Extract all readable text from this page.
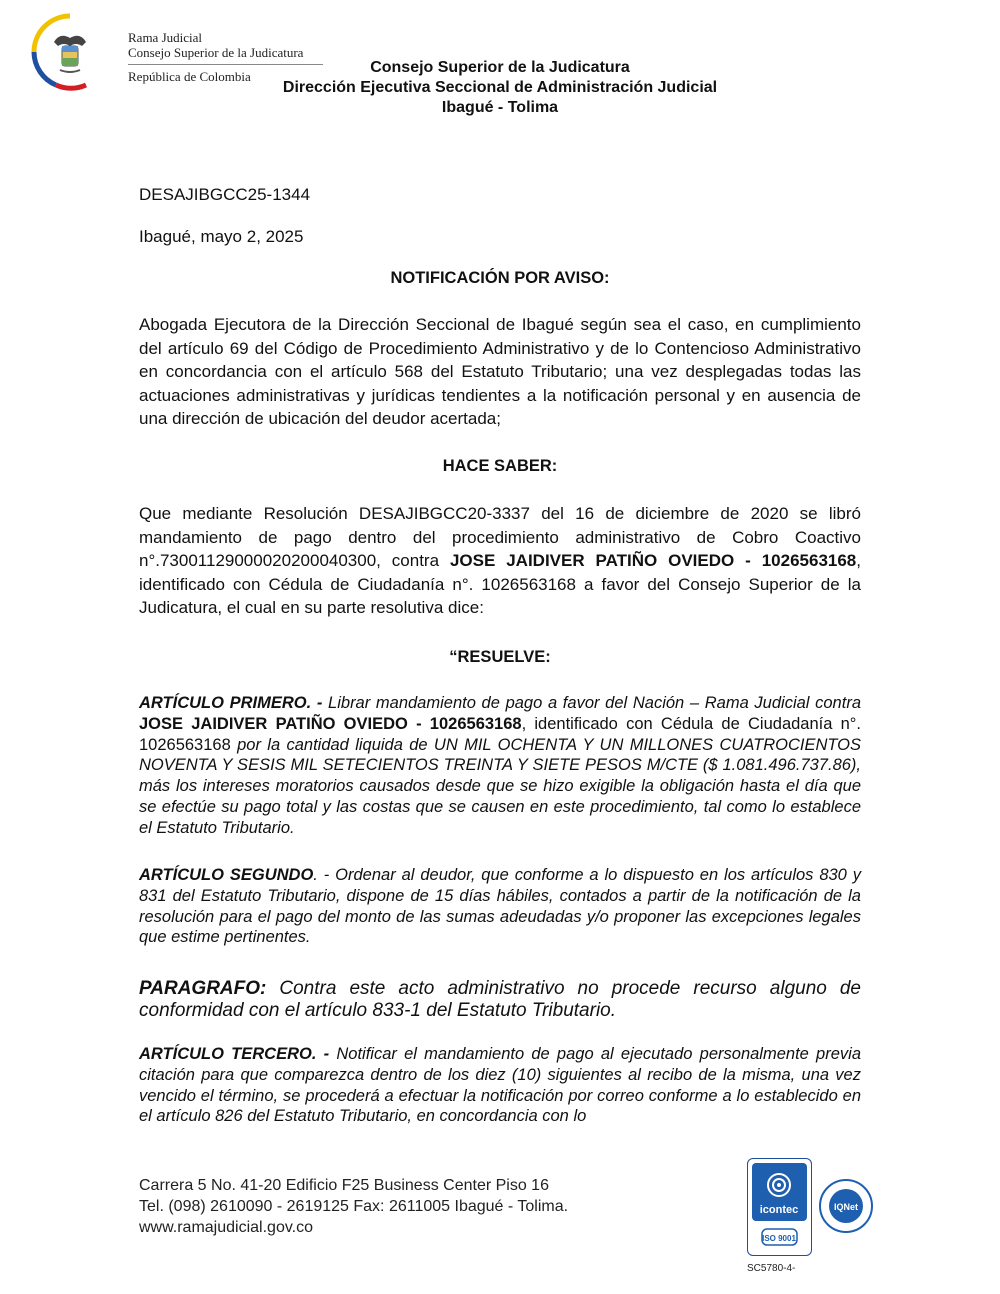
Rama Judicial
Consejo Superior de la Judicatura
República de Colombia
Consejo Superior de la Judicatura
Dirección Ejecutiva Seccional de Administración Judicial
Ibagué - Tolima

DESAJIBGCC25-1344

Ibagué, mayo 2, 2025

NOTIFICACIÓN POR AVISO:

Abogada Ejecutora de la Dirección Seccional de Ibagué según sea el caso, en cumplimiento del artículo 69 del Código de Procedimiento Administrativo y de lo Contencioso Administrativo en concordancia con el artículo 568 del Estatuto Tributario; una vez desplegadas todas las actuaciones administrativas y jurídicas tendientes a la notificación personal y en ausencia de una dirección de ubicación del deudor acertada;

HACE SABER:

Que mediante Resolución DESAJIBGCC20-3337 del 16 de diciembre de 2020 se libró mandamiento de pago dentro del procedimiento administrativo de Cobro Coactivo n°.73001129000020200040300, contra JOSE JAIDIVER PATIÑO OVIEDO - 1026563168, identificado con Cédula de Ciudadanía n°. 1026563168 a favor del Consejo Superior de la Judicatura, el cual en su parte resolutiva dice:

“RESUELVE:

ARTÍCULO PRIMERO. - Librar mandamiento de pago a favor del Nación – Rama Judicial contra JOSE JAIDIVER PATIÑO OVIEDO - 1026563168, identificado con Cédula de Ciudadanía n°. 1026563168 por la cantidad liquida de UN MIL OCHENTA Y UN MILLONES CUATROCIENTOS NOVENTA Y SESIS MIL SETECIENTOS TREINTA Y SIETE PESOS M/CTE ($ 1.081.496.737.86), más los intereses moratorios causados desde que se hizo exigible la obligación hasta el día que se efectúe su pago total y las costas que se causen en este procedimiento, tal como lo establece el Estatuto Tributario.

ARTÍCULO SEGUNDO. - Ordenar al deudor, que conforme a lo dispuesto en los artículos 830 y 831 del Estatuto Tributario, dispone de 15 días hábiles, contados a partir de la notificación de la resolución para el pago del monto de las sumas adeudadas y/o proponer las excepciones legales que estime pertinentes.

PARAGRAFO: Contra este acto administrativo no procede recurso alguno de conformidad con el artículo 833-1 del Estatuto Tributario.

ARTÍCULO TERCERO. - Notificar el mandamiento de pago al ejecutado personalmente previa citación para que comparezca dentro de los diez (10) siguientes al recibo de la misma, una vez vencido el término, se procederá a efectuar la notificación por correo conforme a lo establecido en el artículo 826 del Estatuto Tributario, en concordancia con lo

Carrera 5 No. 41-20 Edificio F25 Business Center Piso 16
Tel. (098) 2610090 - 2619125 Fax: 2611005 Ibagué - Tolima.
www.ramajudicial.gov.co
icontec
ISO 9001
IQNet
SC5780-4-
